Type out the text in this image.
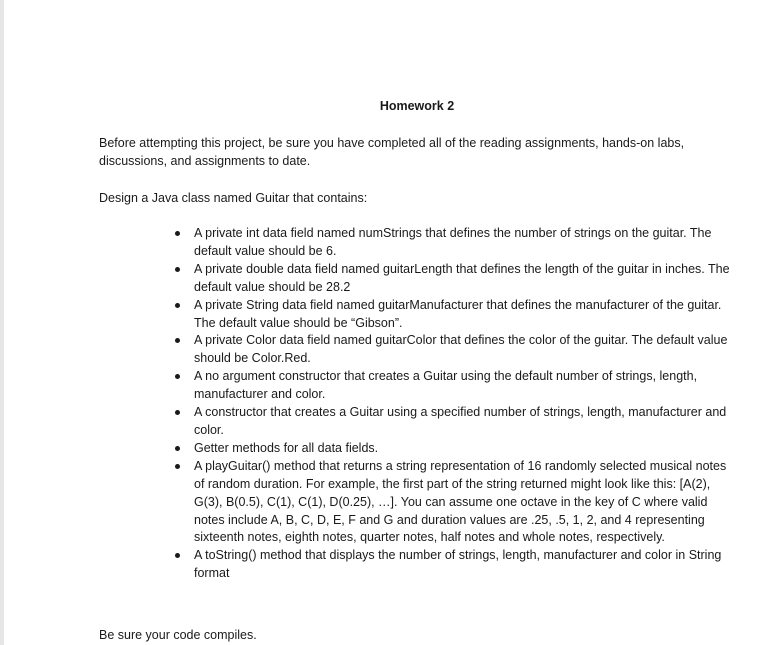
Homework 2
Before attempting this project, be sure you have completed all of the reading assignments, hands-on labs, discussions, and assignments to date.
Design a Java class named Guitar that contains:
A private int data field named numStrings that defines the number of strings on the guitar. The default value should be 6.
A private double data field named guitarLength that defines the length of the guitar in inches. The default value should be 28.2
A private String data field named guitarManufacturer that defines the manufacturer of the guitar. The default value should be “Gibson”.
A private Color data field named guitarColor that defines the color of the guitar. The default value should be Color.Red.
A no argument constructor that creates a Guitar using the default number of strings, length, manufacturer and color.
A constructor that creates a Guitar using a specified number of strings, length, manufacturer and color.
Getter methods for all data fields.
A playGuitar() method that returns a string representation of 16 randomly selected musical notes of random duration. For example, the first part of the string returned might look like this: [A(2), G(3), B(0.5), C(1), C(1), D(0.25), …]. You can assume one octave in the key of C where valid notes include A, B, C, D, E, F and G and duration values are .25, .5, 1, 2, and 4 representing sixteenth notes, eighth notes, quarter notes, half notes and whole notes, respectively.
A toString() method that displays the number of strings, length, manufacturer and color in String format
Be sure your code compiles.
